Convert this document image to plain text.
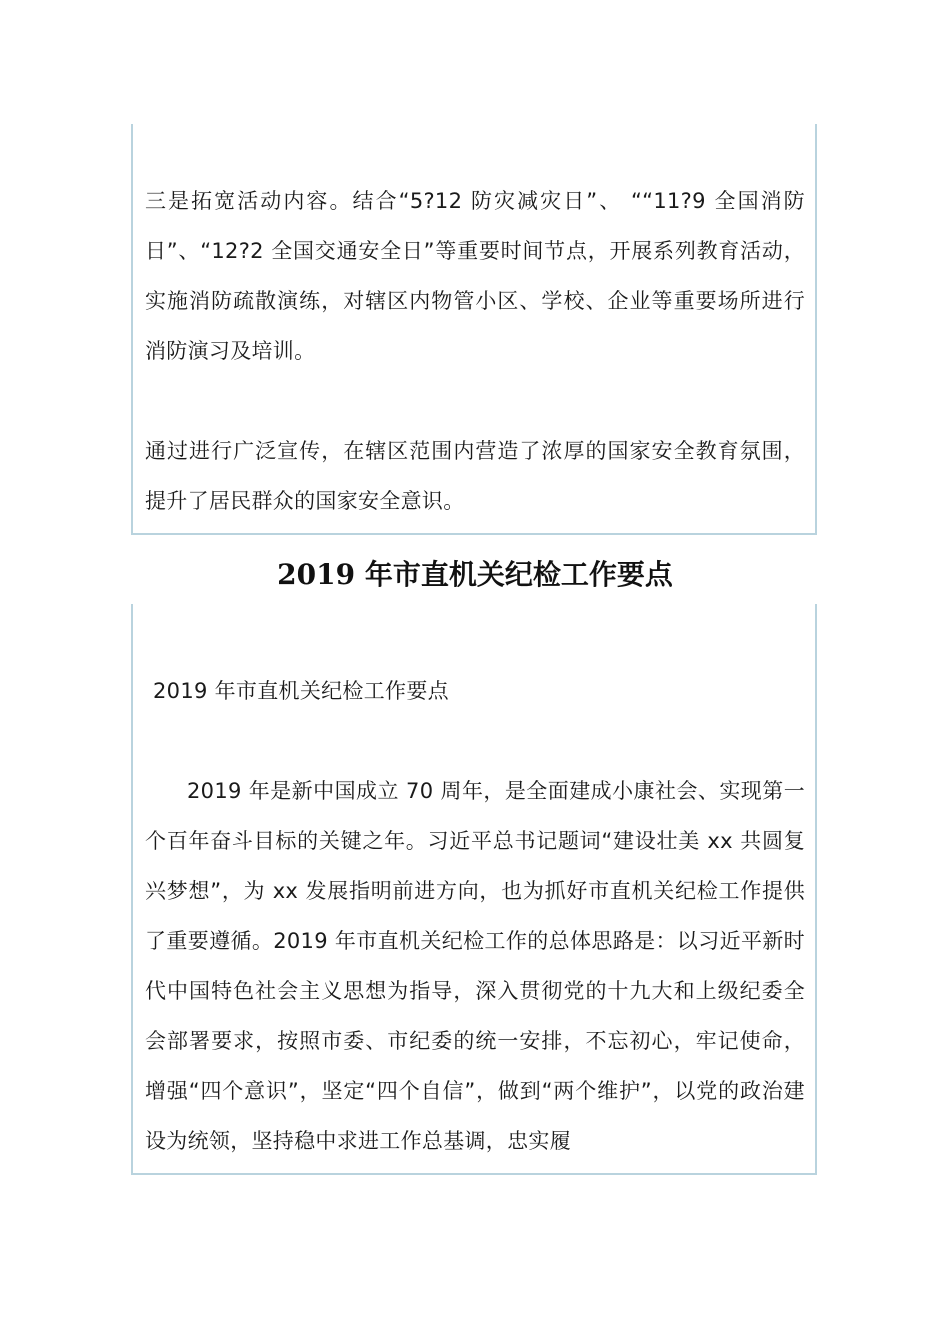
三是拓宽活动内容。结合“5?12 防灾减灾日”、 ““11?9 全国消防日”、“12?2 全国交通安全日”等重要时间节点，开展系列教育活动，实施消防疏散演练，对辖区内物管小区、学校、企业等重要场所进行消防演习及培训。

通过进行广泛宣传，在辖区范围内营造了浓厚的国家安全教育氛围，提升了居民群众的国家安全意识。

2019 年市直机关纪检工作要点

2019 年市直机关纪检工作要点

2019 年是新中国成立 70 周年，是全面建成小康社会、实现第一个百年奋斗目标的关键之年。习近平总书记题词“建设壮美 xx 共圆复兴梦想”，为 xx 发展指明前进方向，也为抓好市直机关纪检工作提供了重要遵循。2019 年市直机关纪检工作的总体思路是：以习近平新时代中国特色社会主义思想为指导，深入贯彻党的十九大和上级纪委全会部署要求，按照市委、市纪委的统一安排，不忘初心，牢记使命，增强“四个意识”，坚定“四个自信”，做到“两个维护”，以党的政治建设为统领，坚持稳中求进工作总基调，忠实履
